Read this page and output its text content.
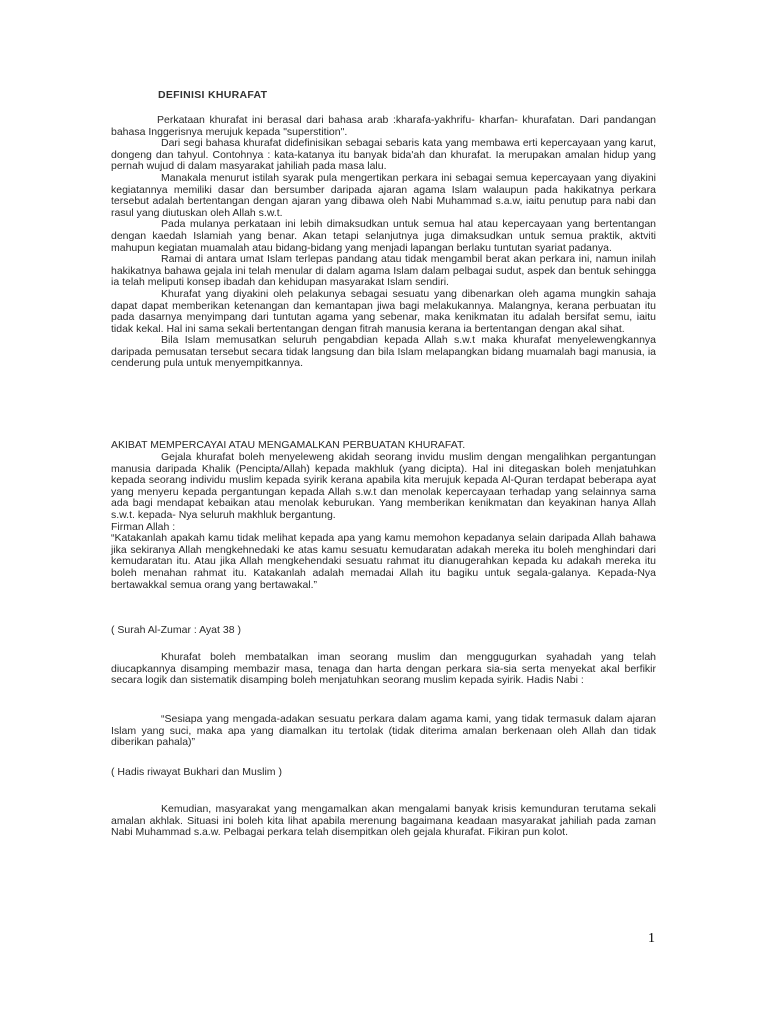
DEFINISI KHURAFAT

Perkataan khurafat ini berasal dari bahasa arab :kharafa-yakhrifu- kharfan- khurafatan. Dari pandangan bahasa Inggerisnya merujuk kepada "superstition".

Dari segi bahasa khurafat didefinisikan sebagai sebaris kata yang membawa erti kepercayaan yang karut, dongeng dan tahyul. Contohnya : kata-katanya itu banyak bida'ah dan khurafat. Ia merupakan amalan hidup yang pernah wujud di dalam masyarakat jahiliah pada masa lalu.

Manakala menurut istilah syarak pula mengertikan perkara ini sebagai semua kepercayaan yang diyakini kegiatannya memiliki dasar dan bersumber daripada ajaran agama Islam walaupun pada hakikatnya perkara tersebut adalah bertentangan dengan ajaran yang dibawa oleh Nabi Muhammad s.a.w, iaitu penutup para nabi dan rasul yang diutuskan oleh Allah s.w.t.

Pada mulanya perkataan ini lebih dimaksudkan untuk semua hal atau kepercayaan yang bertentangan dengan kaedah Islamiah yang benar. Akan tetapi selanjutnya juga dimaksudkan untuk semua praktik, aktviti mahupun kegiatan muamalah atau bidang-bidang yang menjadi lapangan berlaku tuntutan syariat padanya.

Ramai di antara umat Islam terlepas pandang atau tidak mengambil berat akan perkara ini, namun inilah hakikatnya bahawa gejala ini telah menular di dalam agama Islam dalam pelbagai sudut, aspek dan bentuk sehingga ia telah meliputi konsep ibadah dan kehidupan masyarakat Islam sendiri.

Khurafat yang diyakini oleh pelakunya sebagai sesuatu yang dibenarkan oleh agama mungkin sahaja dapat dapat memberikan ketenangan dan kemantapan jiwa bagi melakukannya. Malangnya, kerana perbuatan itu pada dasarnya menyimpang dari tuntutan agama yang sebenar, maka kenikmatan itu adalah bersifat semu, iaitu tidak kekal. Hal ini sama sekali bertentangan dengan fitrah manusia kerana ia bertentangan dengan akal sihat.

Bila Islam memusatkan seluruh pengabdian kepada Allah s.w.t maka khurafat menyelewengkannya daripada pemusatan tersebut secara tidak langsung dan bila Islam melapangkan bidang muamalah bagi manusia, ia cenderung pula untuk menyempitkannya.

AKIBAT MEMPERCAYAI ATAU MENGAMALKAN PERBUATAN KHURAFAT.

Gejala khurafat boleh menyeleweng akidah seorang invidu muslim dengan mengalihkan pergantungan manusia daripada Khalik (Pencipta/Allah) kepada makhluk (yang dicipta). Hal ini ditegaskan boleh menjatuhkan kepada seorang individu muslim kepada syirik kerana apabila kita merujuk kepada Al-Quran terdapat beberapa ayat yang menyeru kepada pergantungan kepada Allah s.w.t dan menolak kepercayaan terhadap yang selainnya sama ada bagi mendapat kebaikan atau menolak keburukan. Yang memberikan kenikmatan dan keyakinan hanya Allah s.w.t. kepada- Nya seluruh makhluk bergantung.

Firman Allah :

“Katakanlah apakah kamu tidak melihat kepada apa yang kamu memohon kepadanya selain daripada Allah bahawa jika sekiranya Allah mengkehnedaki ke atas kamu sesuatu kemudaratan adakah mereka itu boleh menghindari dari kemudaratan itu. Atau jika Allah mengkehendaki sesuatu rahmat itu dianugerahkan kepada ku adakah mereka itu boleh menahan rahmat itu. Katakanlah adalah memadai Allah itu bagiku untuk segala-galanya. Kepada-Nya bertawakkal semua orang yang bertawakal.”

( Surah Al-Zumar : Ayat 38 )

Khurafat boleh membatalkan iman seorang muslim dan menggugurkan syahadah yang telah diucapkannya disamping membazir masa, tenaga dan harta dengan perkara sia-sia serta menyekat akal berfikir secara logik dan sistematik disamping boleh menjatuhkan seorang muslim kepada syirik. Hadis Nabi :

“Sesiapa yang mengada-adakan sesuatu perkara dalam agama kami, yang tidak termasuk dalam ajaran Islam yang suci, maka apa yang diamalkan itu tertolak (tidak diterima amalan berkenaan oleh Allah dan tidak diberikan pahala)”

( Hadis riwayat Bukhari dan Muslim )

Kemudian, masyarakat yang mengamalkan akan mengalami banyak krisis kemunduran terutama sekali amalan akhlak. Situasi ini boleh kita lihat apabila merenung bagaimana keadaan masyarakat jahiliah pada zaman Nabi Muhammad s.a.w. Pelbagai perkara telah disempitkan oleh gejala khurafat. Fikiran pun kolot.

1
